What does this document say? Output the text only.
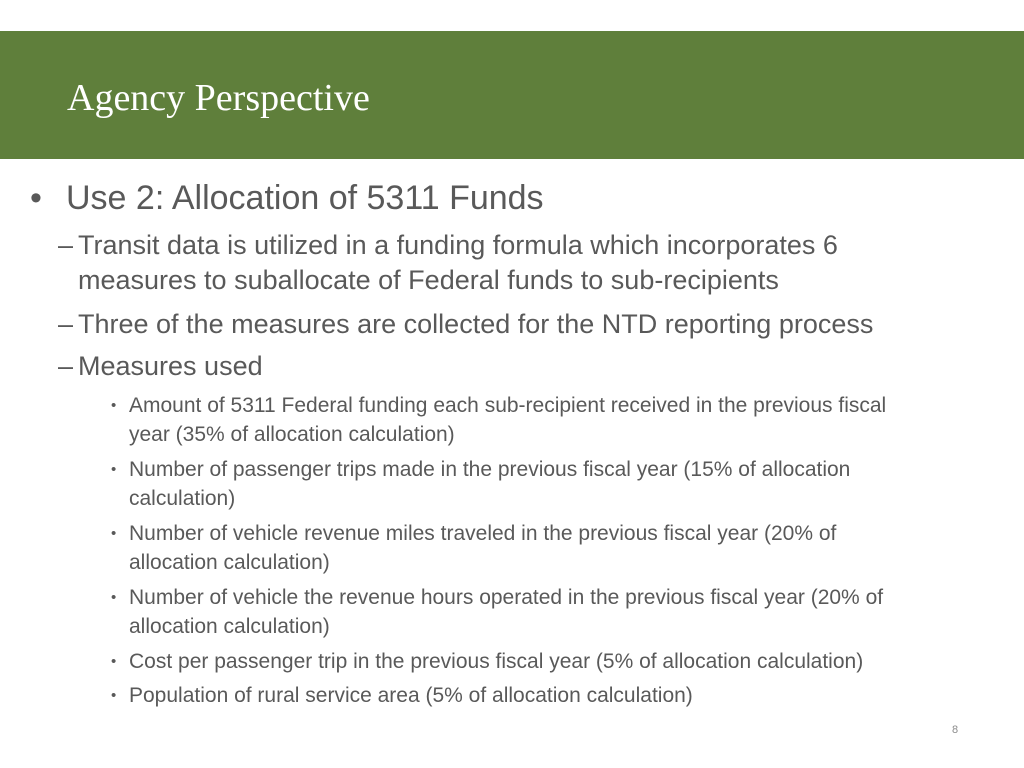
Agency Perspective
• Use 2: Allocation of 5311 Funds
– Transit data is utilized in a funding formula which incorporates 6
measures to suballocate of Federal funds to sub-recipients
– Three of the measures are collected for the NTD reporting process
– Measures used
• Amount of 5311 Federal funding each sub-recipient received in the previous fiscal
year (35% of allocation calculation)
• Number of passenger trips made in the previous fiscal year (15% of allocation
calculation)
• Number of vehicle revenue miles traveled in the previous fiscal year (20% of
allocation calculation)
• Number of vehicle the revenue hours operated in the previous fiscal year (20% of
allocation calculation)
• Cost per passenger trip in the previous fiscal year (5% of allocation calculation)
• Population of rural service area (5% of allocation calculation)
8
